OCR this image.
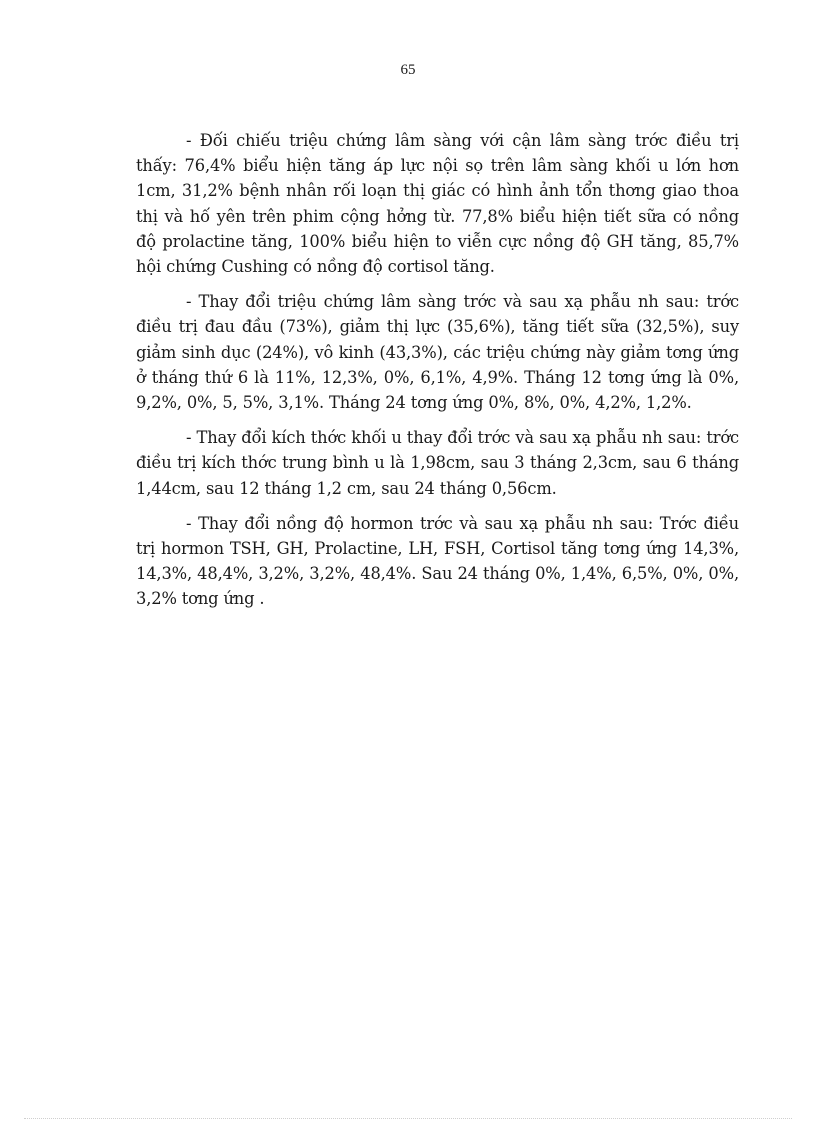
65

- Đối chiếu triệu chứng lâm sàng với cận lâm sàng trớc điều trị thấy: 76,4% biểu hiện tăng áp lực nội sọ trên lâm sàng khối u lớn hơn 1cm, 31,2% bệnh nhân rối loạn thị giác có hình ảnh tổn thơng giao thoa thị và hố yên trên phim cộng hởng từ. 77,8% biểu hiện tiết sữa có nồng độ prolactine tăng, 100% biểu hiện to viễn cực nồng độ GH tăng, 85,7% hội chứng Cushing có nồng độ cortisol tăng.

- Thay đổi triệu chứng lâm sàng trớc và sau xạ phẫu nh sau: trớc điều trị đau đầu (73%), giảm thị lực (35,6%), tăng tiết sữa (32,5%), suy giảm sinh dục (24%), vô kinh (43,3%), các triệu chứng này giảm tơng ứng ở tháng thứ 6 là 11%, 12,3%, 0%, 6,1%, 4,9%. Tháng 12 tơng ứng là 0%, 9,2%, 0%, 5, 5%, 3,1%. Tháng 24 tơng ứng 0%, 8%, 0%, 4,2%, 1,2%.

- Thay đổi kích thớc khối u thay đổi trớc và sau xạ phẫu nh sau: trớc điều trị kích thớc trung bình u là 1,98cm, sau 3 tháng 2,3cm, sau 6 tháng 1,44cm, sau 12 tháng 1,2 cm, sau 24 tháng 0,56cm.

- Thay đổi nồng độ hormon trớc và sau xạ phẫu nh sau: Trớc điều trị hormon TSH, GH, Prolactine, LH, FSH, Cortisol tăng tơng ứng 14,3%, 14,3%, 48,4%, 3,2%, 3,2%, 48,4%. Sau 24 tháng 0%, 1,4%, 6,5%, 0%, 0%, 3,2% tơng ứng .
